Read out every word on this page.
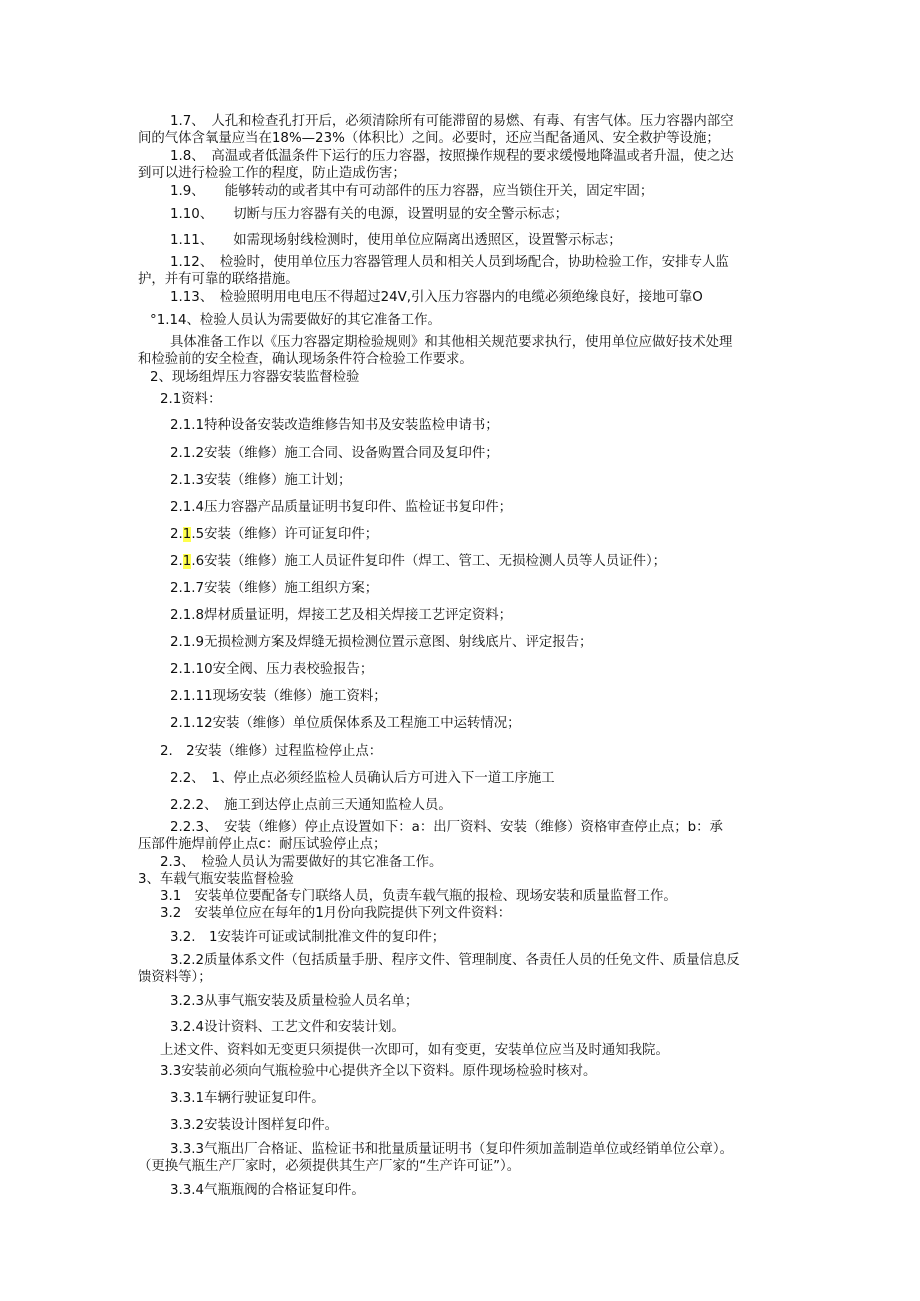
1.7、　人孔和检查孔打开后，必须清除所有可能滞留的易燃、有毒、有害气体。压力容器内部空
间的气体含氧量应当在18%—23%（体积比）之间。必要时，还应当配备通风、安全救护等设施；
1.8、　高温或者低温条件下运行的压力容器，按照操作规程的要求缓慢地降温或者升温，使之达
到可以进行检验工作的程度，防止造成伤害；
1.9、　　能够转动的或者其中有可动部件的压力容器，应当锁住开关，固定牢固；
1.10、　　切断与压力容器有关的电源，设置明显的安全警示标志；
1.11、　　如需现场射线检测时，使用单位应隔离出透照区，设置警示标志；
1.12、　检验时，使用单位压力容器管理人员和相关人员到场配合，协助检验工作，安排专人监
护，并有可靠的联络措施。
1.13、　检验照明用电电压不得超过24V,引入压力容器内的电缆必须绝缘良好，接地可靠O
°1.14、检验人员认为需要做好的其它准备工作。
具体准备工作以《压力容器定期检验规则》和其他相关规范要求执行，使用单位应做好技术处理
和检验前的安全检查，确认现场条件符合检验工作要求。
2、现场组焊压力容器安装监督检验
2.1资料：
2.1.1特种设备安装改造维修告知书及安装监检申请书；
2.1.2安装（维修）施工合同、设备购置合同及复印件；
2.1.3安装（维修）施工计划；
2.1.4压力容器产品质量证明书复印件、监检证书复印件；
2.1.5安装（维修）许可证复印件；
2.1.6安装（维修）施工人员证件复印件（焊工、管工、无损检测人员等人员证件）；
2.1.7安装（维修）施工组织方案；
2.1.8焊材质量证明，焊接工艺及相关焊接工艺评定资料；
2.1.9无损检测方案及焊缝无损检测位置示意图、射线底片、评定报告；
2.1.10安全阀、压力表校验报告；
2.1.11现场安装（维修）施工资料；
2.1.12安装（维修）单位质保体系及工程施工中运转情况；
2.　2安装（维修）过程监检停止点：
2.2、　1、停止点必须经监检人员确认后方可进入下一道工序施工
2.2.2、　施工到达停止点前三天通知监检人员。
2.2.3、　安装（维修）停止点设置如下：a：出厂资料、安装（维修）资格审查停止点；b：承
压部件施焊前停止点c：耐压试验停止点；
2.3、　检验人员认为需要做好的其它准备工作。
3、车载气瓶安装监督检验
3.1　安装单位要配备专门联络人员，负责车载气瓶的报检、现场安装和质量监督工作。
3.2　安装单位应在每年的1月份向我院提供下列文件资料：
3.2.　1安装许可证或试制批准文件的复印件；
3.2.2质量体系文件（包括质量手册、程序文件、管理制度、各责任人员的任免文件、质量信息反
馈资料等）；
3.2.3从事气瓶安装及质量检验人员名单；
3.2.4设计资料、工艺文件和安装计划。
上述文件、资料如无变更只须提供一次即可，如有变更，安装单位应当及时通知我院。
3.3安装前必须向气瓶检验中心提供齐全以下资料。原件现场检验时核对。
3.3.1车辆行驶证复印件。
3.3.2安装设计图样复印件。
3.3.3气瓶出厂合格证、监检证书和批量质量证明书（复印件须加盖制造单位或经销单位公章）。
（更换气瓶生产厂家时，必须提供其生产厂家的“生产许可证”）。
3.3.4气瓶瓶阀的合格证复印件。
